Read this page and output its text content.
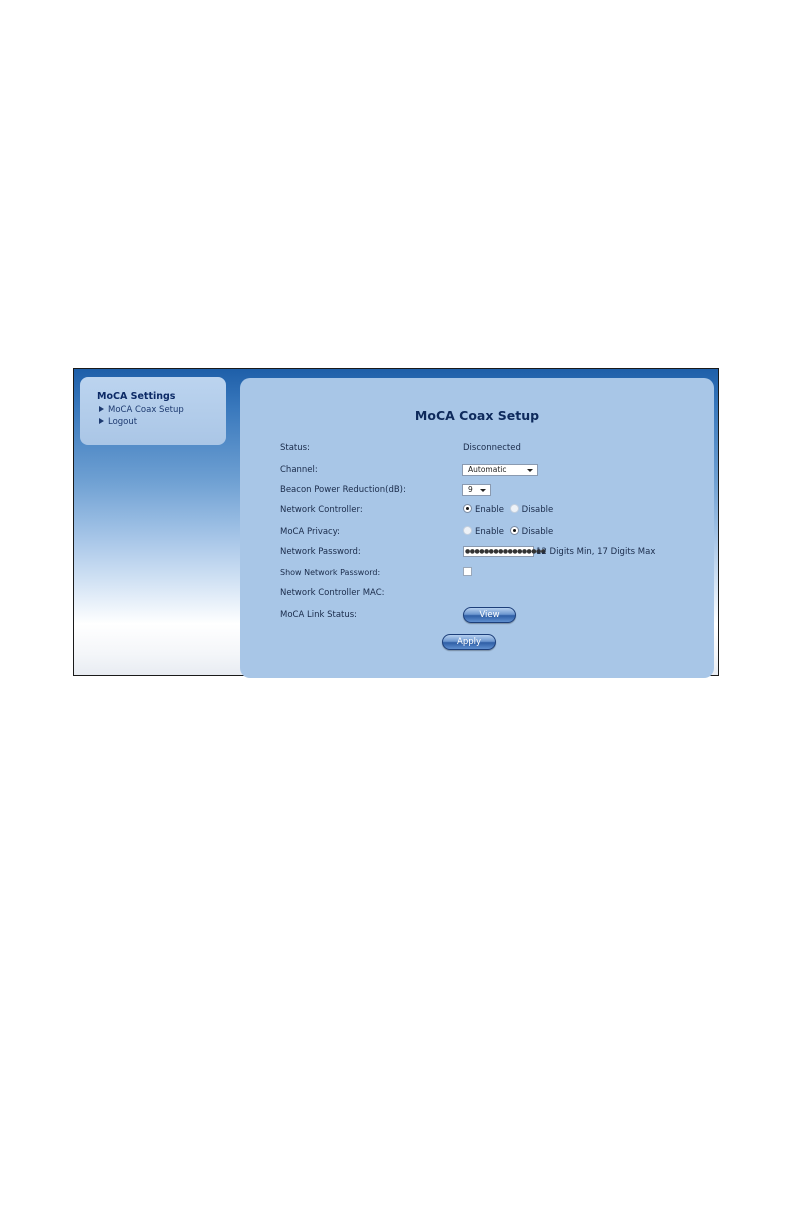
MoCA Settings
MoCA Coax Setup
Logout	MoCA Coax Setup
Status:	Disconnected
Channel:	Automatic
Beacon Power Reduction(dB):	9
Network Controller:	Enable Disable
MoCA Privacy:	Enable Disable
Network Password:	●●●●●●●●●●●●●●●●●
12 Digits Min, 17 Digits Max
Show Network Password:
Network Controller MAC:
MoCA Link Status:	View
Apply
